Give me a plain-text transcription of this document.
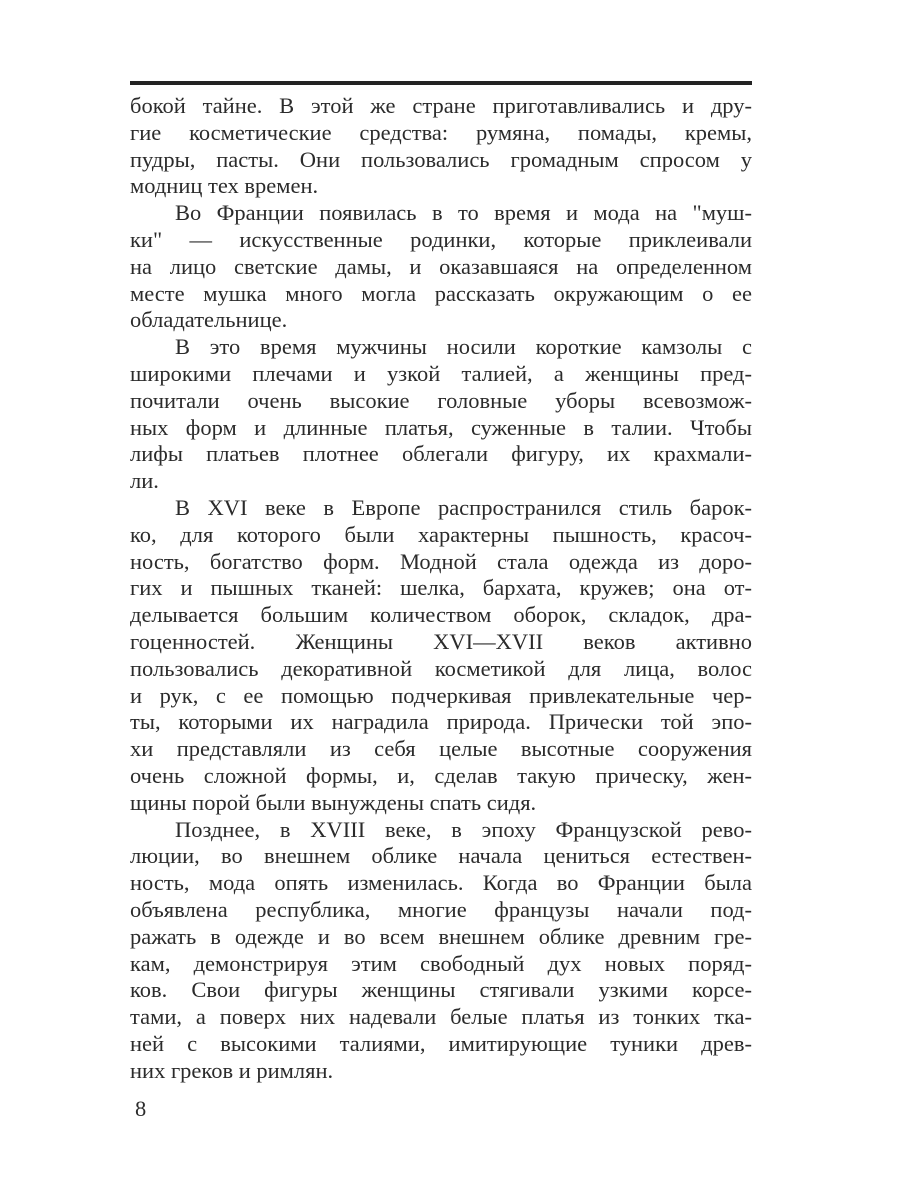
бокой тайне. В этой же стране приготавливались и дру-
гие косметические средства: румяна, помады, кремы,
пудры, пасты. Они пользовались громадным спросом у
модниц тех времен.
Во Франции появилась в то время и мода на "муш-
ки" — искусственные родинки, которые приклеивали
на лицо светские дамы, и оказавшаяся на определенном
месте мушка много могла рассказать окружающим о ее
обладательнице.
В это время мужчины носили короткие камзолы с
широкими плечами и узкой талией, а женщины пред-
почитали очень высокие головные уборы всевозмож-
ных форм и длинные платья, суженные в талии. Чтобы
лифы платьев плотнее облегали фигуру, их крахмали-
ли.
В XVI веке в Европе распространился стиль барок-
ко, для которого были характерны пышность, красоч-
ность, богатство форм. Модной стала одежда из доро-
гих и пышных тканей: шелка, бархата, кружев; она от-
делывается большим количеством оборок, складок, дра-
гоценностей. Женщины XVI—XVII веков активно
пользовались декоративной косметикой для лица, волос
и рук, с ее помощью подчеркивая привлекательные чер-
ты, которыми их наградила природа. Прически той эпо-
хи представляли из себя целые высотные сооружения
очень сложной формы, и, сделав такую прическу, жен-
щины порой были вынуждены спать сидя.
Позднее, в XVIII веке, в эпоху Французской рево-
люции, во внешнем облике начала цениться естествен-
ность, мода опять изменилась. Когда во Франции была
объявлена республика, многие французы начали под-
ражать в одежде и во всем внешнем облике древним гре-
кам, демонстрируя этим свободный дух новых поряд-
ков. Свои фигуры женщины стягивали узкими корсе-
тами, а поверх них надевали белые платья из тонких тка-
ней с высокими талиями, имитирующие туники древ-
них греков и римлян.
8
